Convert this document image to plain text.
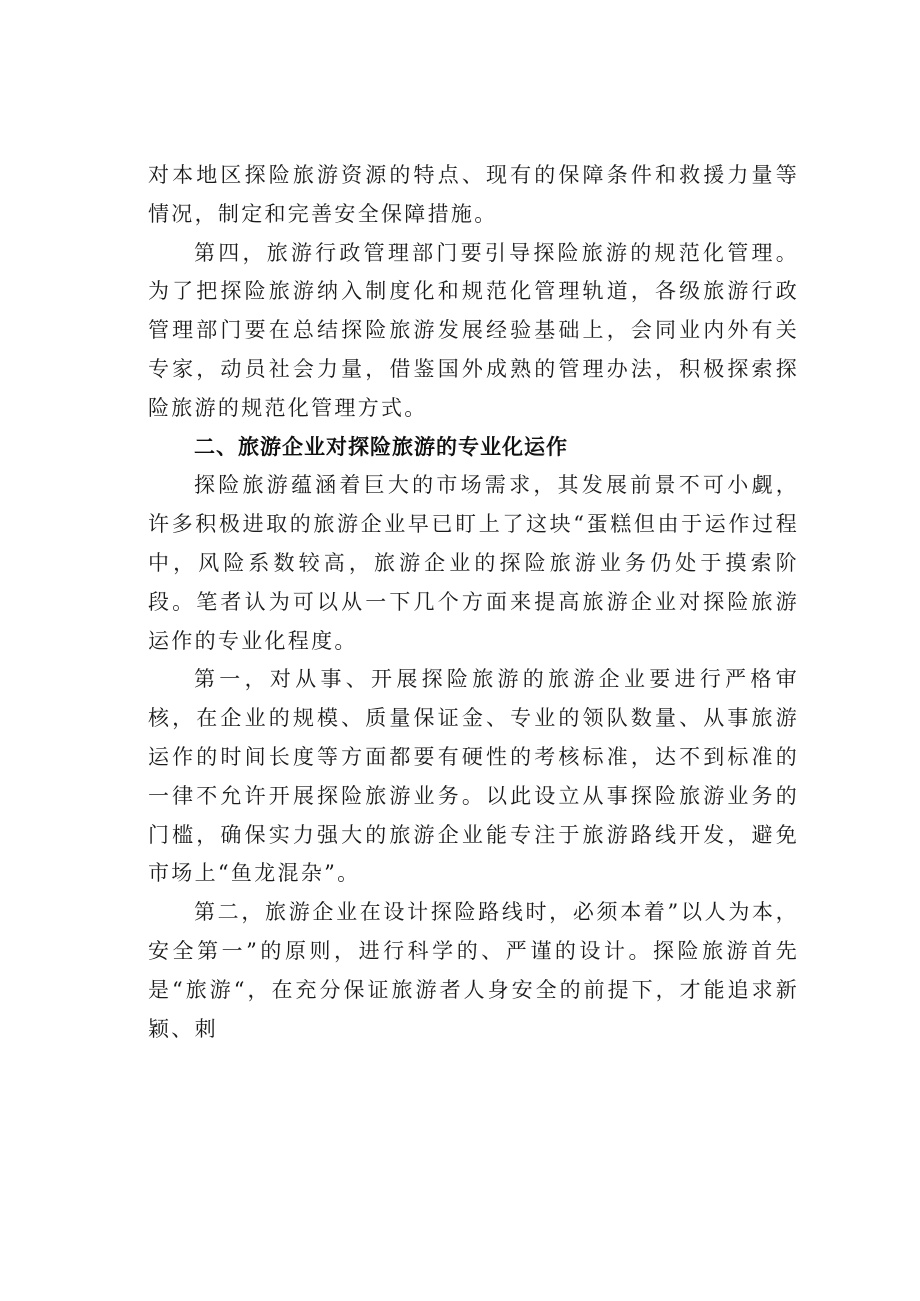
对本地区探险旅游资源的特点、现有的保障条件和救援力量等情况，制定和完善安全保障措施。

第四，旅游行政管理部门要引导探险旅游的规范化管理。为了把探险旅游纳入制度化和规范化管理轨道，各级旅游行政管理部门要在总结探险旅游发展经验基础上，会同业内外有关专家，动员社会力量，借鉴国外成熟的管理办法，积极探索探险旅游的规范化管理方式。

二、旅游企业对探险旅游的专业化运作

探险旅游蕴涵着巨大的市场需求，其发展前景不可小觑，许多积极进取的旅游企业早已盯上了这块“蛋糕但由于运作过程中，风险系数较高，旅游企业的探险旅游业务仍处于摸索阶段。笔者认为可以从一下几个方面来提高旅游企业对探险旅游运作的专业化程度。

第一，对从事、开展探险旅游的旅游企业要进行严格审核，在企业的规模、质量保证金、专业的领队数量、从事旅游运作的时间长度等方面都要有硬性的考核标准，达不到标准的一律不允许开展探险旅游业务。以此设立从事探险旅游业务的门槛，确保实力强大的旅游企业能专注于旅游路线开发，避免市场上“鱼龙混杂”。

第二，旅游企业在设计探险路线时，必须本着”以人为本，安全第一”的原则，进行科学的、严谨的设计。探险旅游首先是“旅游“，在充分保证旅游者人身安全的前提下，才能追求新颖、刺
